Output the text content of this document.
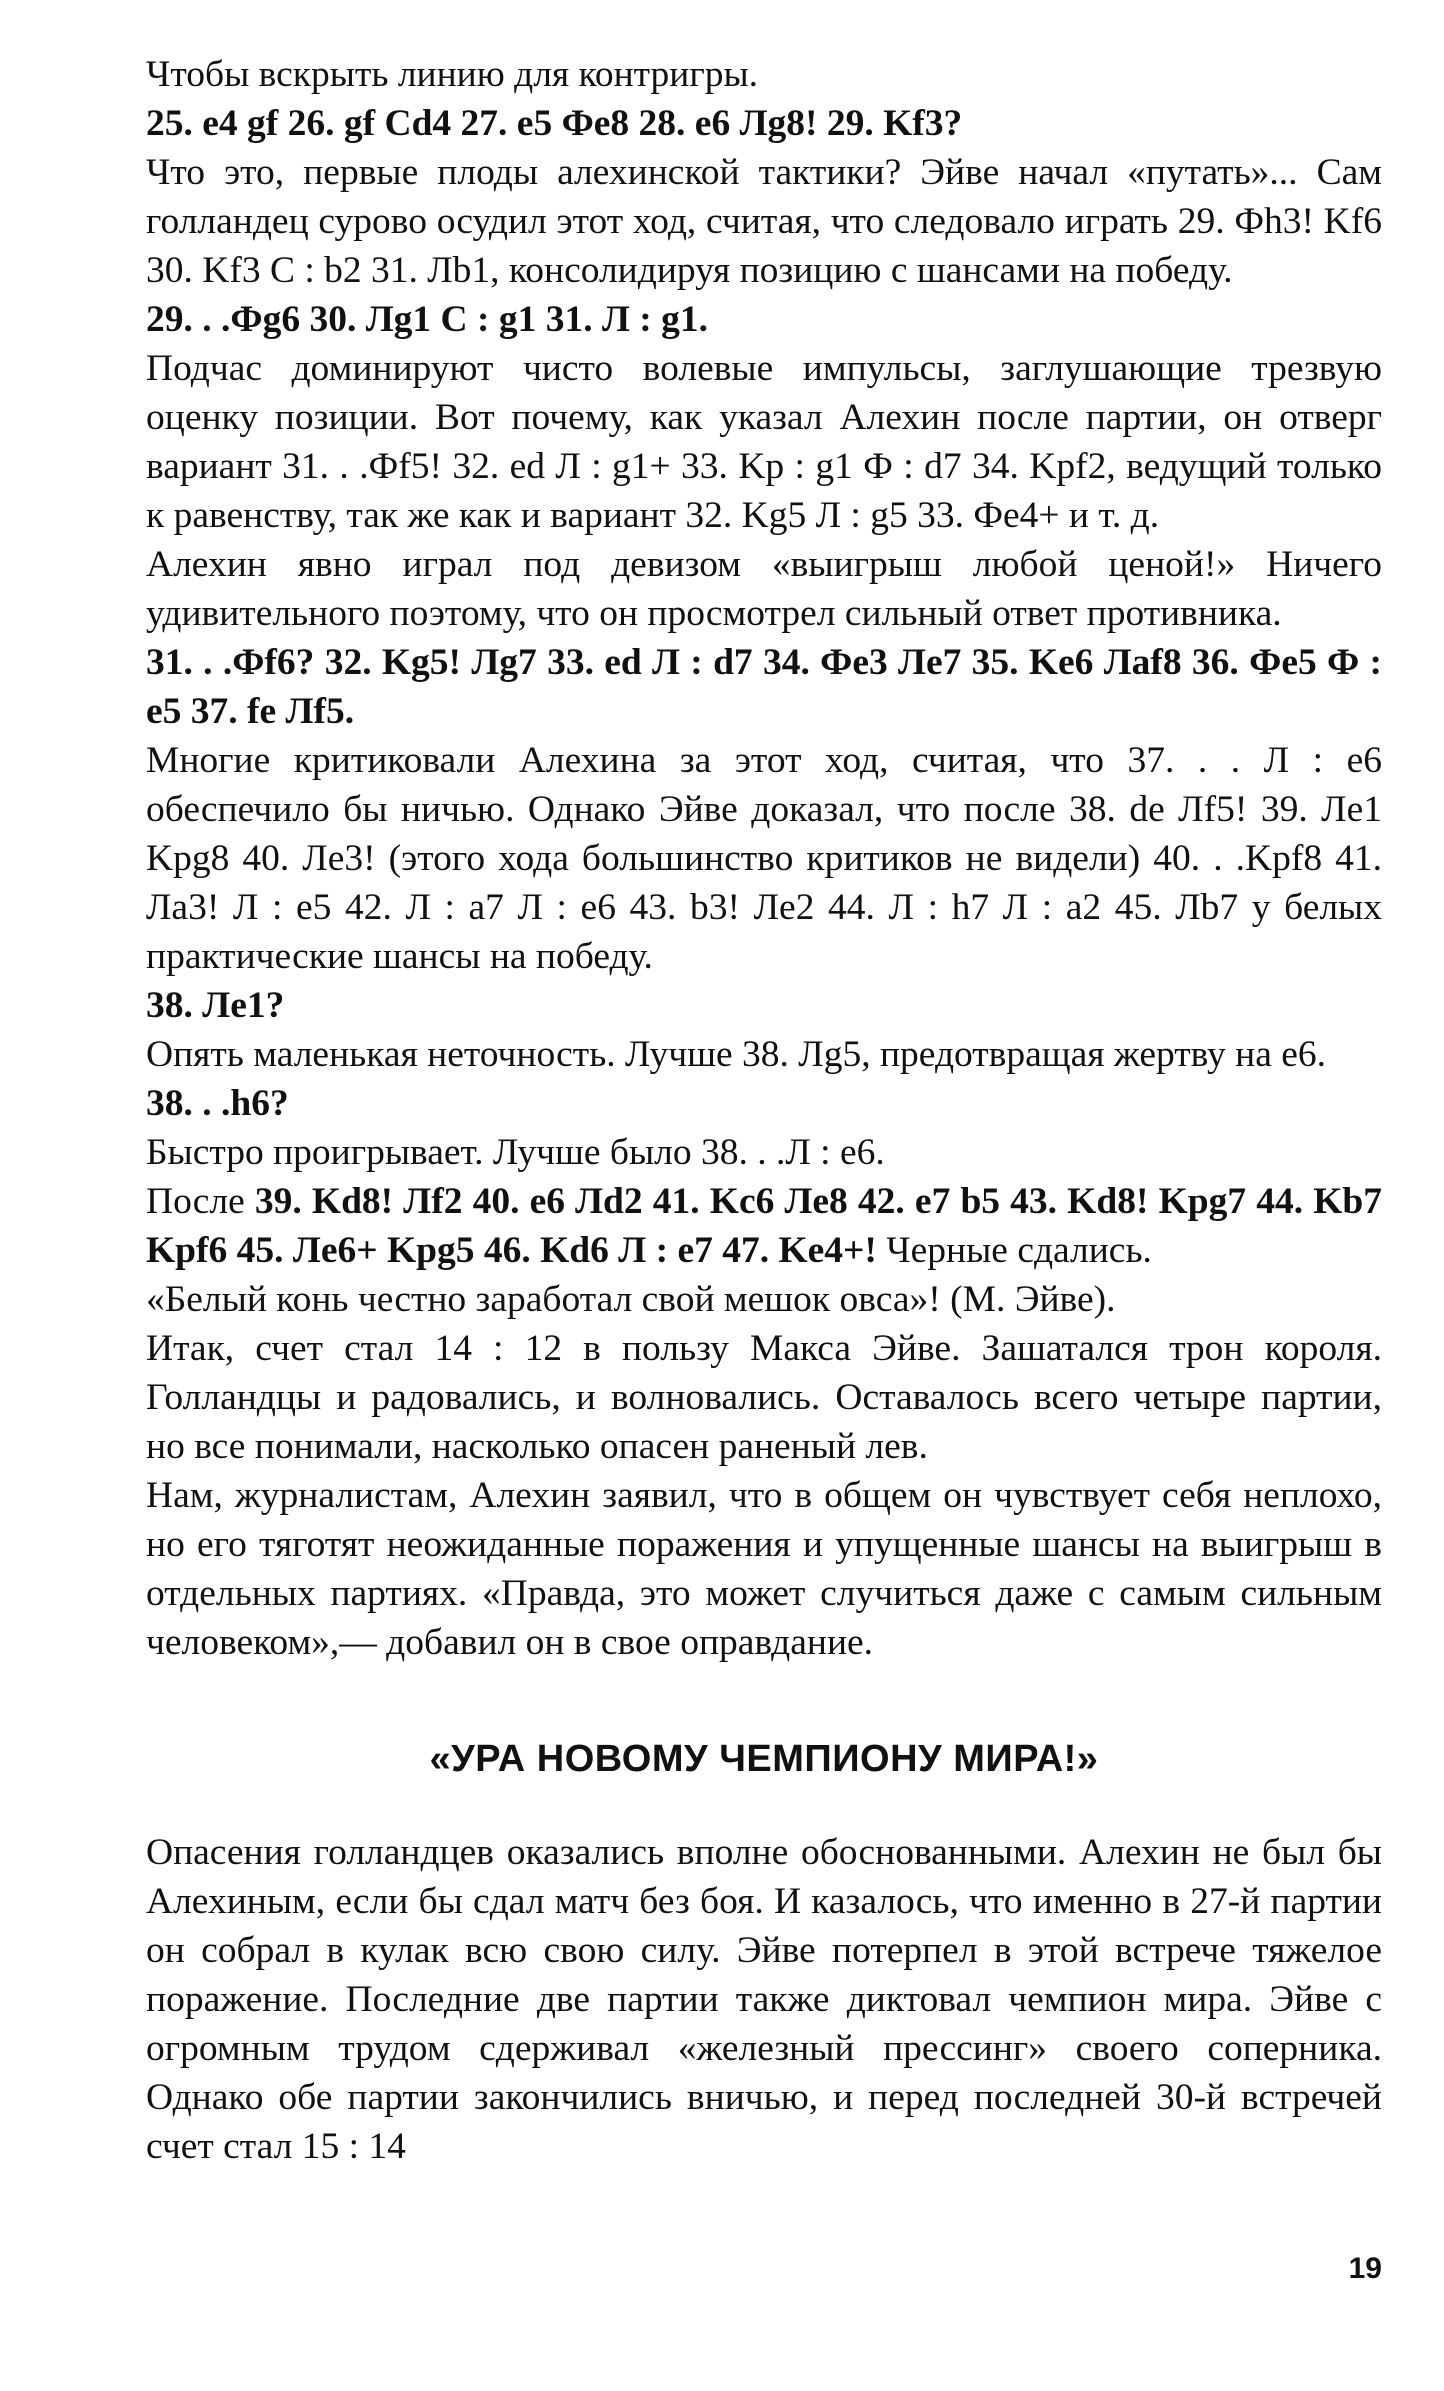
Чтобы вскрыть линию для контригры.

25. e4 gf 26. gf Cd4 27. e5 Фe8 28. e6 Лg8! 29. Kf3?

Что это, первые плоды алехинской тактики? Эйве начал «путать»... Сам голландец сурово осудил этот ход, считая, что следовало играть 29. Фh3! Kf6 30. Kf3 C : b2 31. Лb1, консолидируя позицию с шансами на победу.

29. . .Фg6 30. Лg1 C : g1 31. Л : g1.

Подчас доминируют чисто волевые импульсы, заглушающие трезвую оценку позиции. Вот почему, как указал Алехин после партии, он отверг вариант 31. . .Фf5! 32. ed Л : g1+ 33. Kp : g1 Ф : d7 34. Kpf2, ведущий только к равенству, так же как и вариант 32. Kg5 Л : g5 33. Фe4+ и т. д.

Алехин явно играл под девизом «выигрыш любой ценой!» Ничего удивительного поэтому, что он просмотрел сильный ответ противника.

31. . .Фf6? 32. Kg5! Лg7 33. ed Л : d7 34. Фe3 Лe7 35. Ke6 Лaf8 36. Фe5 Ф : e5 37. fe Лf5.

Многие критиковали Алехина за этот ход, считая, что 37. . . Л : e6 обеспечило бы ничью. Однако Эйве доказал, что после 38. de Лf5! 39. Лe1 Kpg8 40. Лe3! (этого хода большинство критиков не видели) 40. . .Kpf8 41. Лa3! Л : e5 42. Л : a7 Л : e6 43. b3! Лe2 44. Л : h7 Л : a2 45. Лb7 у белых практические шансы на победу.

38. Лe1?

Опять маленькая неточность. Лучше 38. Лg5, предотвращая жертву на e6.

38. . .h6?

Быстро проигрывает. Лучше было 38. . .Л : e6.

После 39. Kd8! Лf2 40. e6 Лd2 41. Kc6 Лe8 42. e7 b5 43. Kd8! Kpg7 44. Kb7 Kpf6 45. Лe6+ Kpg5 46. Kd6 Л : e7 47. Ke4+! Черные сдались.

«Белый конь честно заработал свой мешок овса»! (М. Эйве).

Итак, счет стал 14 : 12 в пользу Макса Эйве. Зашатался трон короля. Голландцы и радовались, и волновались. Оставалось всего четыре партии, но все понимали, насколько опасен раненый лев.

Нам, журналистам, Алехин заявил, что в общем он чувствует себя неплохо, но его тяготят неожиданные поражения и упущенные шансы на выигрыш в отдельных партиях. «Правда, это может случиться даже с самым сильным человеком»,— добавил он в свое оправдание.

«УРА НОВОМУ ЧЕМПИОНУ МИРА!»

Опасения голландцев оказались вполне обоснованными. Алехин не был бы Алехиным, если бы сдал матч без боя. И казалось, что именно в 27-й партии он собрал в кулак всю свою силу. Эйве потерпел в этой встрече тяжелое поражение. Последние две партии также диктовал чемпион мира. Эйве с огромным трудом сдерживал «железный прессинг» своего соперника. Однако обе партии закончились вничью, и перед последней 30-й встречей счет стал 15 : 14

19
